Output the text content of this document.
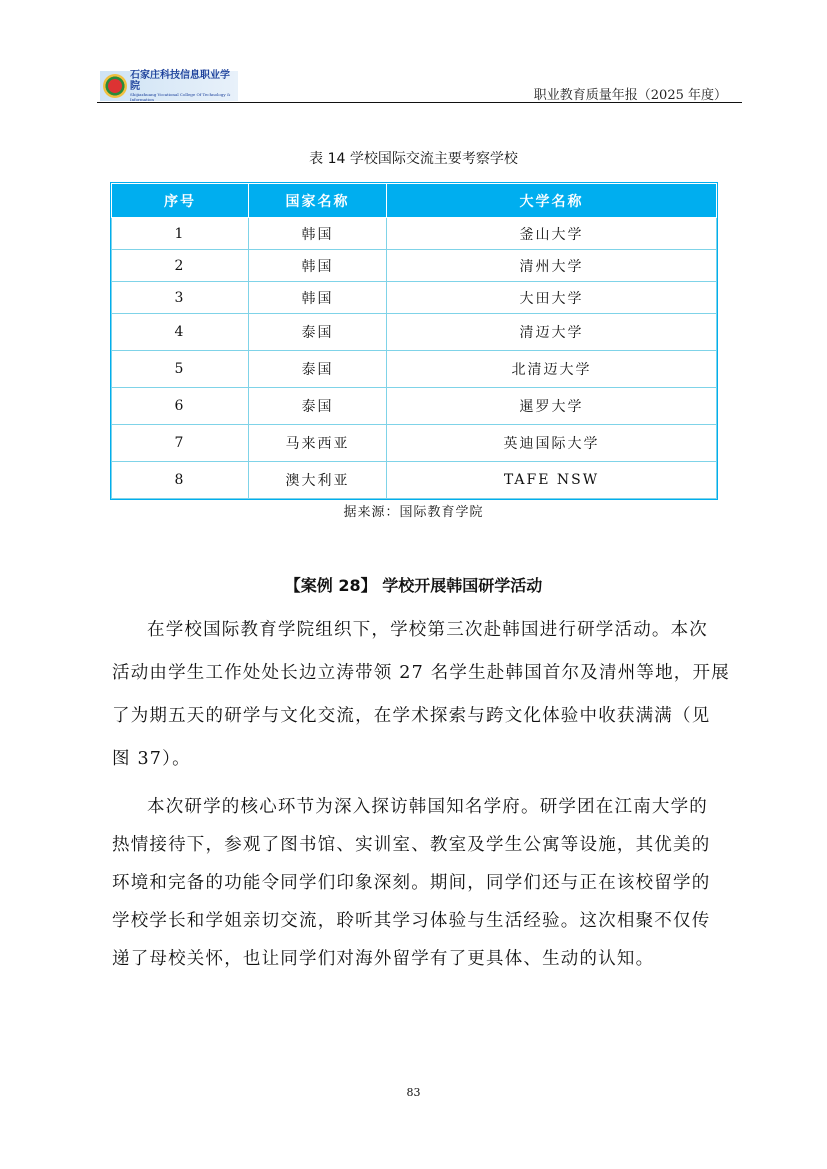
石家庄科技信息职业学院
Shijiazhuang Vocational College Of Technology & Information	职业教育质量年报（2025 年度）
表 14 学校国际交流主要考察学校
序号	国家名称	大学名称
1	韩国	釜山大学
2	韩国	清州大学
3	韩国	大田大学
4	泰国	清迈大学
5	泰国	北清迈大学
6	泰国	暹罗大学
7	马来西亚	英迪国际大学
8	澳大利亚	TAFE NSW
据来源：国际教育学院
【案例 28】 学校开展韩国研学活动
在学校国际教育学院组织下，学校第三次赴韩国进行研学活动。本次
活动由学生工作处处长边立涛带领 27 名学生赴韩国首尔及清州等地，开展
了为期五天的研学与文化交流，在学术探索与跨文化体验中收获满满（见
图 37）。
本次研学的核心环节为深入探访韩国知名学府。研学团在江南大学的
热情接待下，参观了图书馆、实训室、教室及学生公寓等设施，其优美的
环境和完备的功能令同学们印象深刻。期间，同学们还与正在该校留学的
学校学长和学姐亲切交流，聆听其学习体验与生活经验。这次相聚不仅传
递了母校关怀，也让同学们对海外留学有了更具体、生动的认知。
83
